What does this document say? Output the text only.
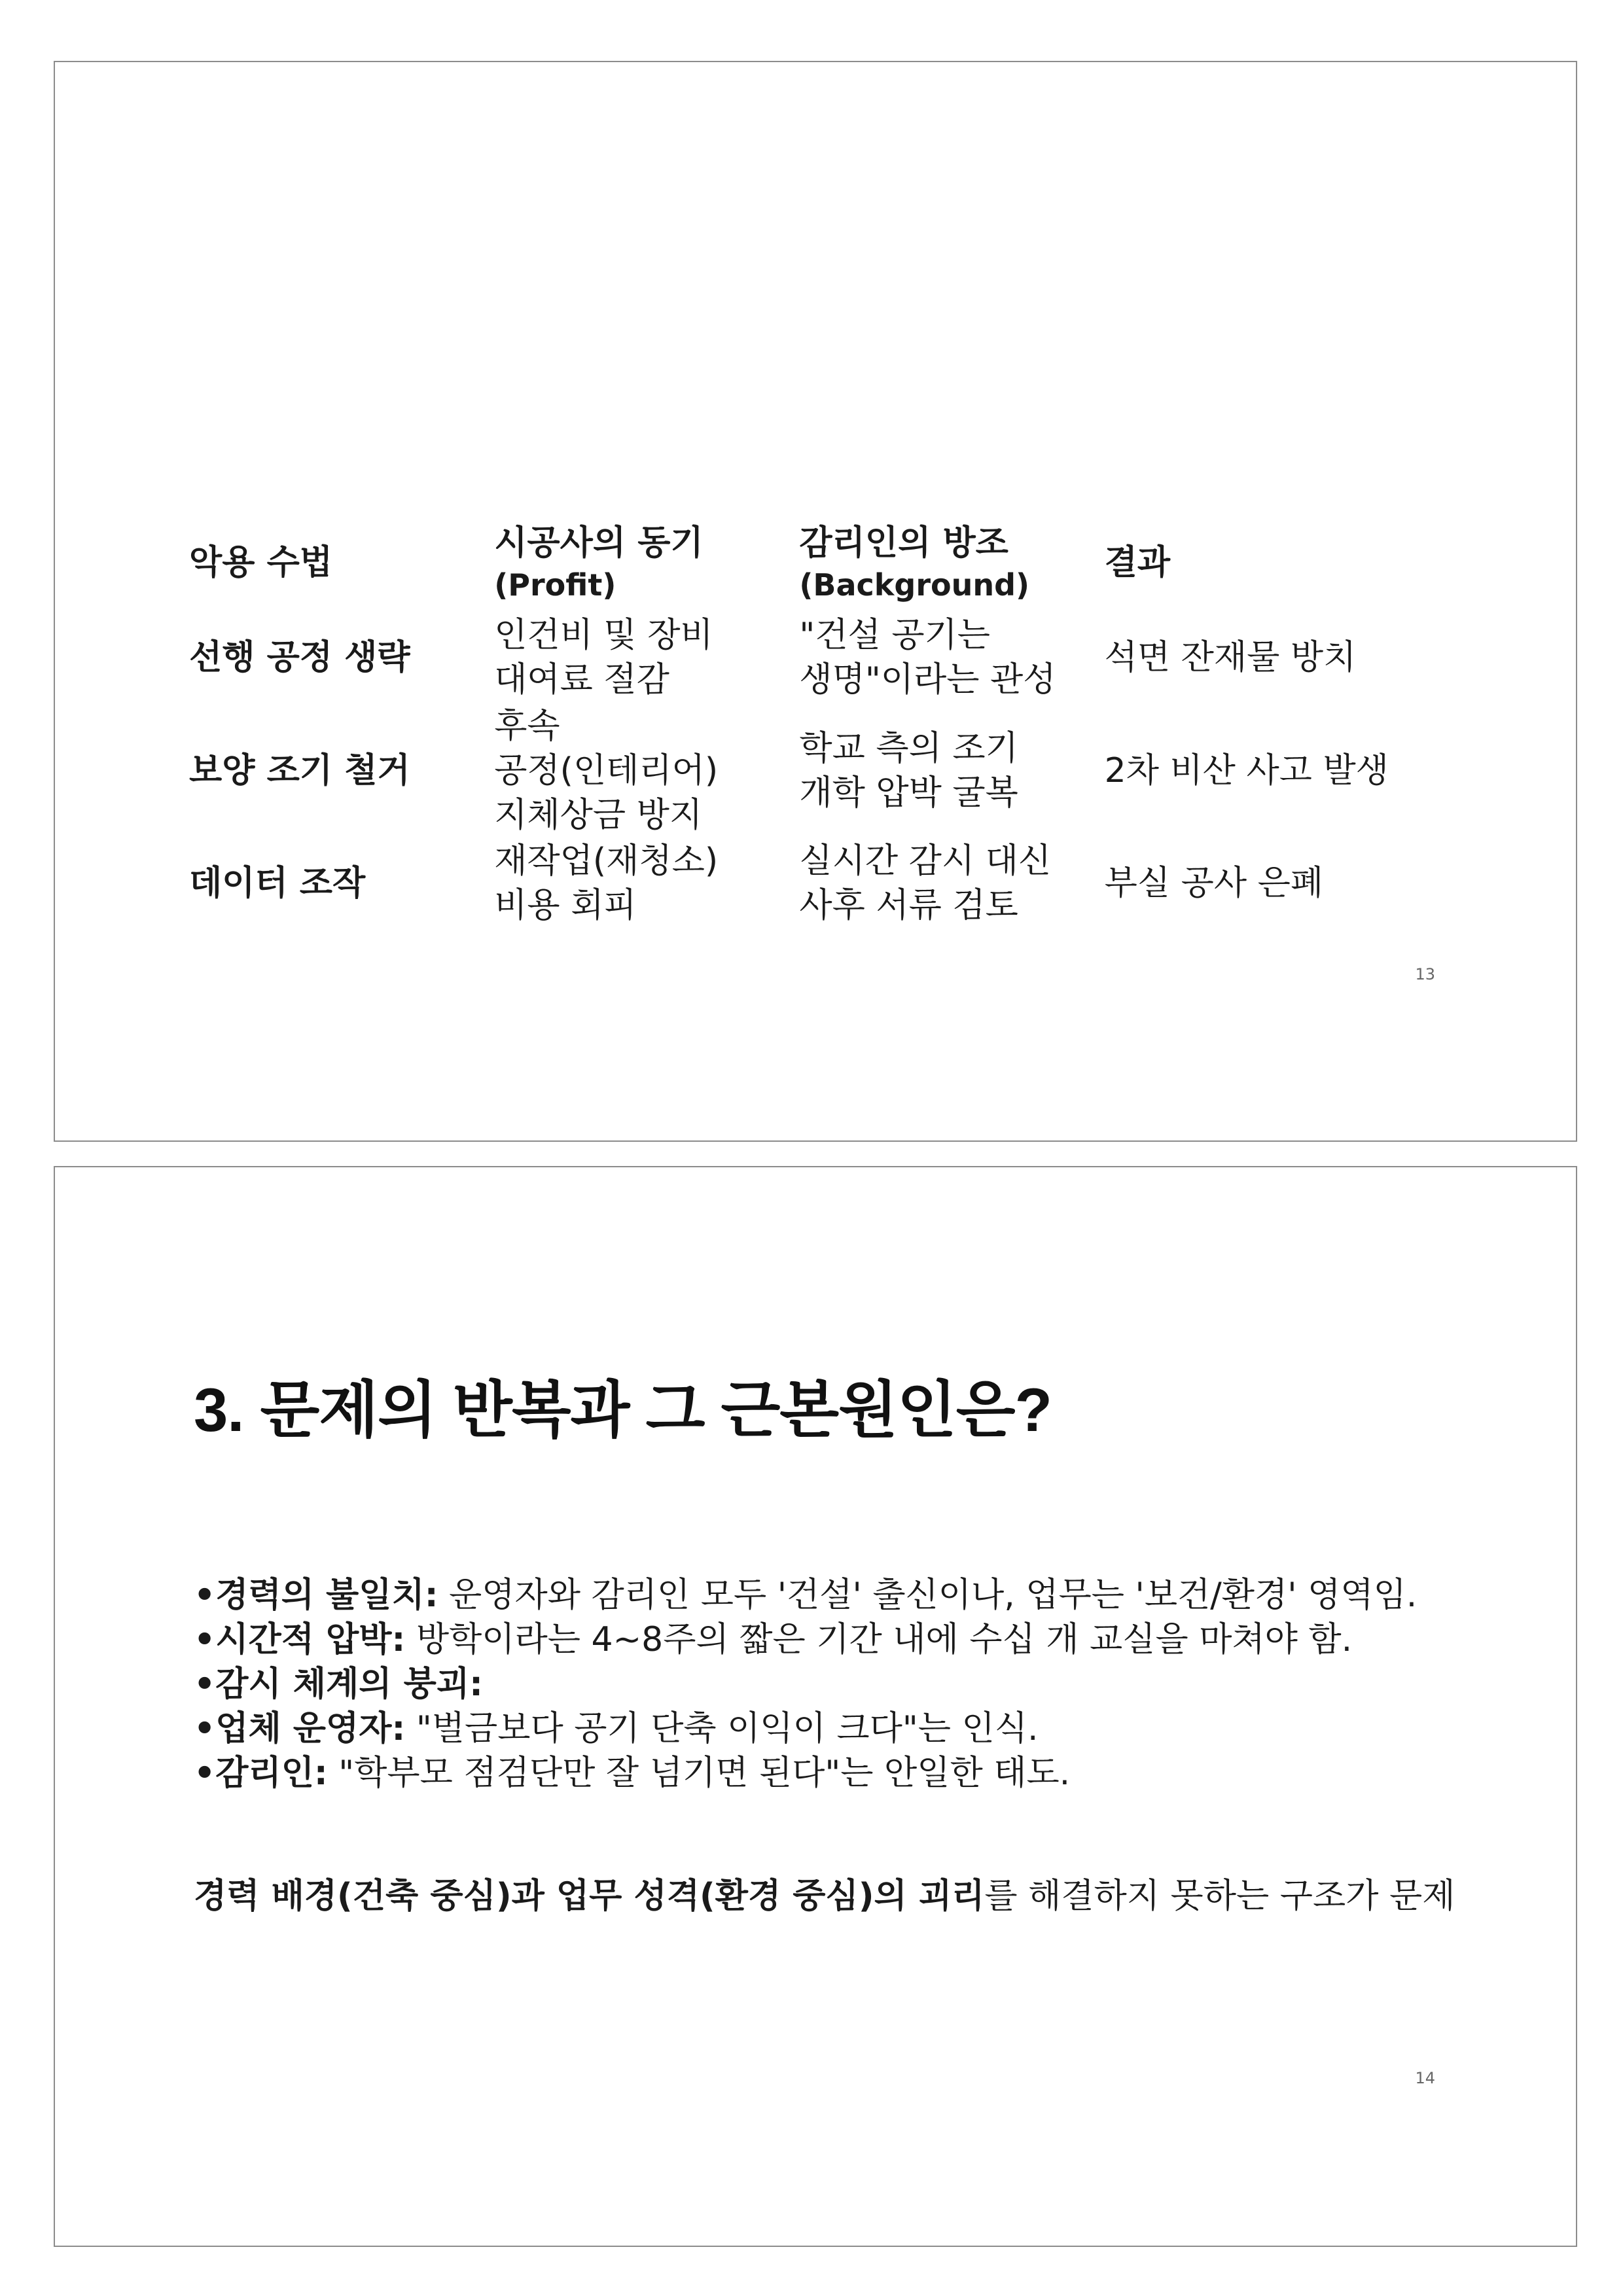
악용 수법	시공사의 동기
(Profit)
감리인의 방조
(Background)
결과
선행 공정 생략
인건비 및 장비
대여료 절감
"건설 공기는
생명"이라는 관성
석면 잔재물 방치
보양 조기 철거
후속
공정(인테리어)
지체상금 방지
학교 측의 조기
개학 압박 굴복
2차 비산 사고 발생
데이터 조작
재작업(재청소)
비용 회피
실시간 감시 대신
사후 서류 검토
부실 공사 은폐
13
3. 문제의 반복과 그 근본원인은?

•경력의 불일치: 운영자와 감리인 모두 '건설' 출신이나, 업무는 '보건/환경' 영역임.

•시간적 압박: 방학이라는 4~8주의 짧은 기간 내에 수십 개 교실을 마쳐야 함.

•감시 체계의 붕괴:

•업체 운영자: "벌금보다 공기 단축 이익이 크다"는 인식.

•감리인: "학부모 점검단만 잘 넘기면 된다"는 안일한 태도.

경력 배경(건축 중심)과 업무 성격(환경 중심)의 괴리를 해결하지 못하는 구조가 문제
14
